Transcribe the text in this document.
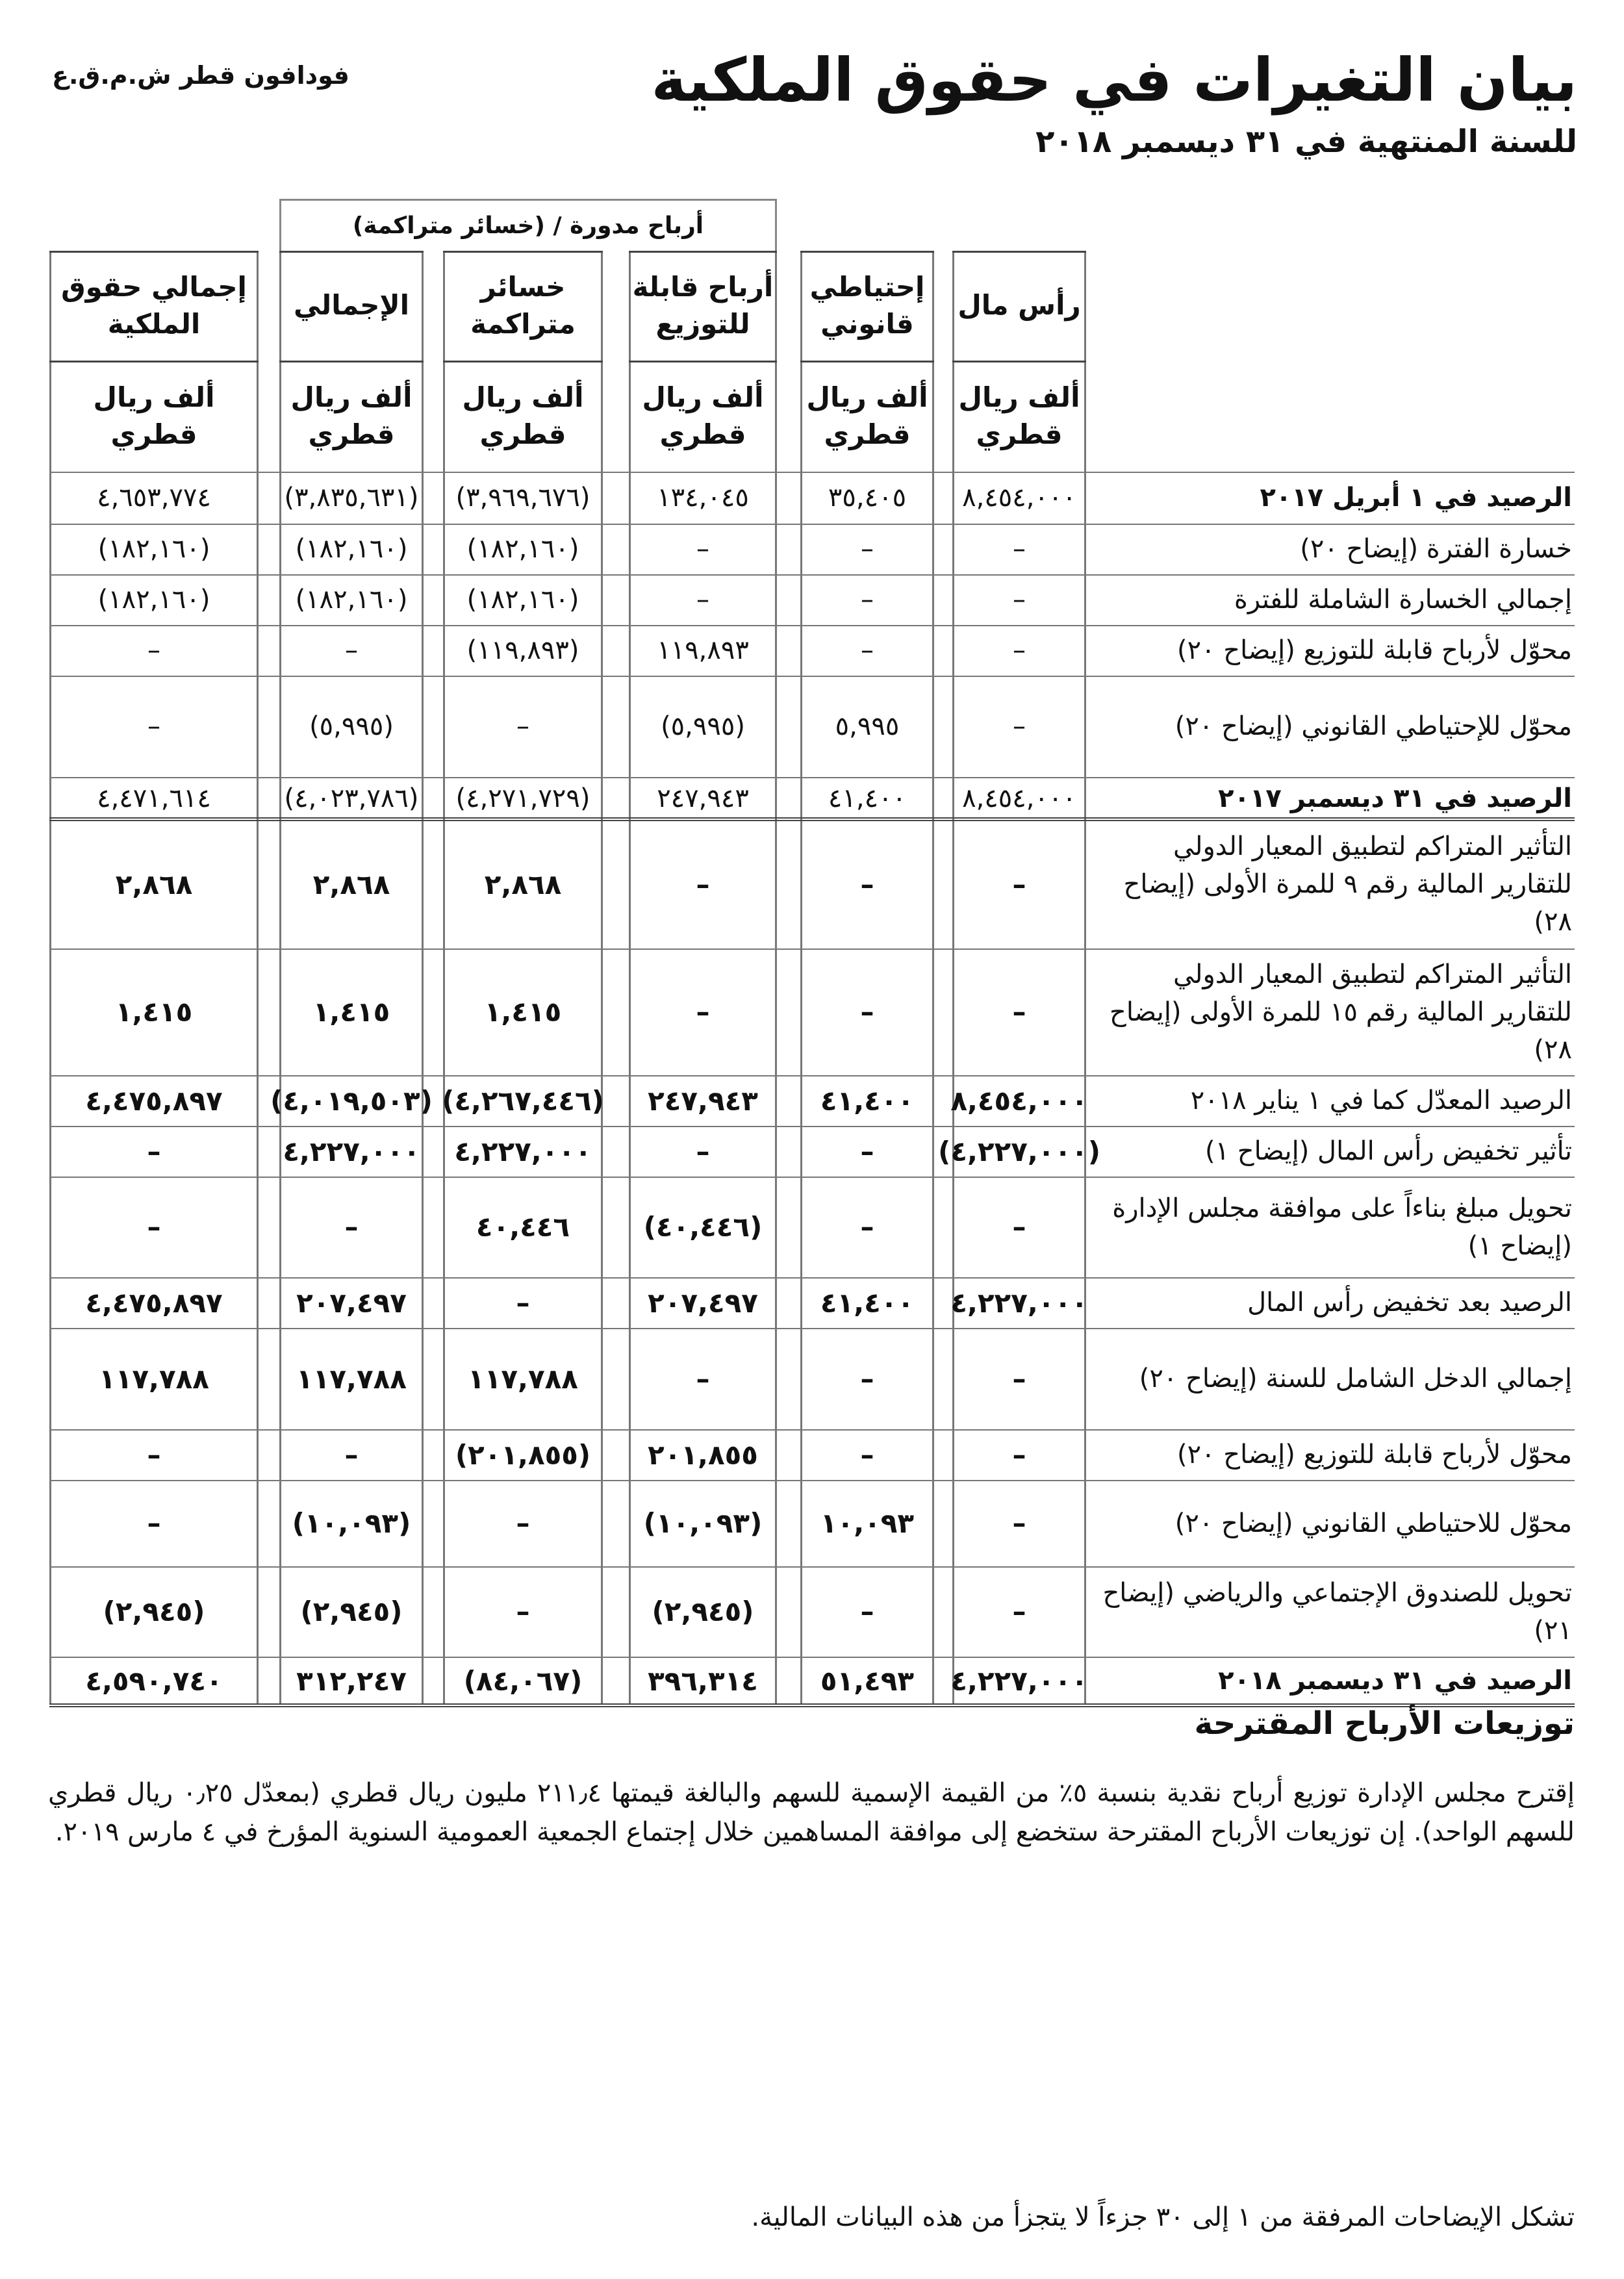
بيان التغيرات في حقوق الملكية
للسنة المنتهية في ٣١ ديسمبر ٢٠١٨
فودافون قطر ش.م.ق.ع
أرباح مدورة / (خسائر متراكمة)
رأس مال
ألف ريال قطري
إحتياطي قانوني
ألف ريال قطري
أرباح قابلة للتوزيع
ألف ريال قطري
خسائر متراكمة
ألف ريال قطري
الإجمالي
ألف ريال قطري
إجمالي حقوق الملكية
ألف ريال قطري
الرصيد في ١ أبريل ٢٠١٧
٨,٤٥٤,٠٠٠
٣٥,٤٠٥
١٣٤,٠٤٥
(٣,٩٦٩,٦٧٦)
(٣,٨٣٥,٦٣١)
٤,٦٥٣,٧٧٤
خسارة الفترة (إيضاح ٢٠)
–
–
–
(١٨٢,١٦٠)
(١٨٢,١٦٠)
(١٨٢,١٦٠)
إجمالي الخسارة الشاملة للفترة
–
–
–
(١٨٢,١٦٠)
(١٨٢,١٦٠)
(١٨٢,١٦٠)
محوّل لأرباح قابلة للتوزيع (إيضاح ٢٠)
–
–
١١٩,٨٩٣
(١١٩,٨٩٣)
–
–
محوّل للإحتياطي القانوني (إيضاح ٢٠)
–
٥,٩٩٥
(٥,٩٩٥)
–
(٥,٩٩٥)
–
الرصيد في ٣١ ديسمبر ٢٠١٧
٨,٤٥٤,٠٠٠
٤١,٤٠٠
٢٤٧,٩٤٣
(٤,٢٧١,٧٢٩)
(٤,٠٢٣,٧٨٦)
٤,٤٧١,٦١٤
التأثير المتراكم لتطبيق المعيار الدولي للتقارير المالية رقم ٩ للمرة الأولى (إيضاح ٢٨)
–
–
–
٢,٨٦٨
٢,٨٦٨
٢,٨٦٨
التأثير المتراكم لتطبيق المعيار الدولي للتقارير المالية رقم ١٥ للمرة الأولى (إيضاح ٢٨)
–
–
–
١,٤١٥
١,٤١٥
١,٤١٥
الرصيد المعدّل كما في ١ يناير ٢٠١٨
٨,٤٥٤,٠٠٠
٤١,٤٠٠
٢٤٧,٩٤٣
(٤,٢٦٧,٤٤٦)
(٤,٠١٩,٥٠٣)
٤,٤٧٥,٨٩٧
تأثير تخفيض رأس المال (إيضاح ١)
(٤,٢٢٧,٠٠٠)
–
–
٤,٢٢٧,٠٠٠
٤,٢٢٧,٠٠٠
–
تحويل مبلغ بناءاً على موافقة مجلس الإدارة (إيضاح ١)
–
–
(٤٠,٤٤٦)
٤٠,٤٤٦
–
–
الرصيد بعد تخفيض رأس المال
٤,٢٢٧,٠٠٠
٤١,٤٠٠
٢٠٧,٤٩٧
–
٢٠٧,٤٩٧
٤,٤٧٥,٨٩٧
إجمالي الدخل الشامل للسنة (إيضاح ٢٠)
–
–
–
١١٧,٧٨٨
١١٧,٧٨٨
١١٧,٧٨٨
محوّل لأرباح قابلة للتوزيع (إيضاح ٢٠)
–
–
٢٠١,٨٥٥
(٢٠١,٨٥٥)
–
–
محوّل للاحتياطي القانوني (إيضاح ٢٠)
–
١٠,٠٩٣
(١٠,٠٩٣)
–
(١٠,٠٩٣)
–
تحويل للصندوق الإجتماعي والرياضي (إيضاح ٢١)
–
–
(٢,٩٤٥)
–
(٢,٩٤٥)
(٢,٩٤٥)
الرصيد في ٣١ ديسمبر ٢٠١٨
٤,٢٢٧,٠٠٠
٥١,٤٩٣
٣٩٦,٣١٤
(٨٤,٠٦٧)
٣١٢,٢٤٧
٤,٥٩٠,٧٤٠
توزيعات الأرباح المقترحة
إقترح مجلس الإدارة توزيع أرباح نقدية بنسبة ٥٪ من القيمة الإسمية للسهم والبالغة قيمتها ٢١١٫٤ مليون ريال قطري (بمعدّل ٠٫٢٥ ريال قطري للسهم الواحد). إن توزيعات الأرباح المقترحة ستخضع إلى موافقة المساهمين خلال إجتماع الجمعية العمومية السنوية المؤرخ في ٤ مارس ٢٠١٩.
تشكل الإيضاحات المرفقة من ١ إلى ٣٠ جزءاً لا يتجزأ من هذه البيانات المالية.
